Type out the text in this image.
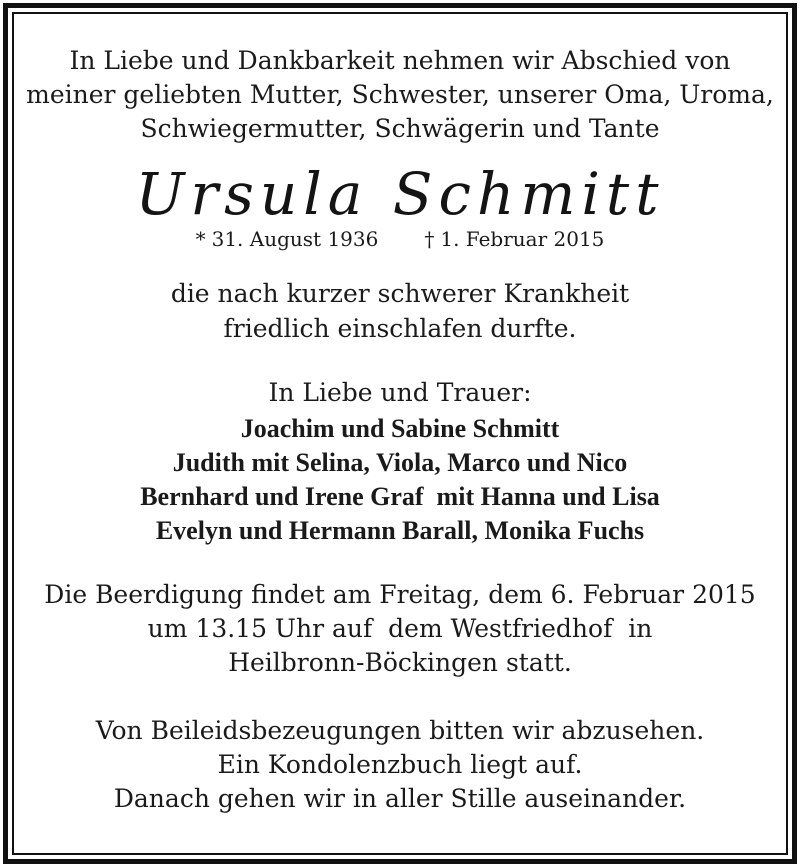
In Liebe und Dankbarkeit nehmen wir Abschied von
meiner geliebten Mutter, Schwester, unserer Oma, Uroma,
Schwiegermutter, Schwägerin und Tante
Ursula Schmitt
* 31. August 1936 † 1. Februar 2015
die nach kurzer schwerer Krankheit
friedlich einschlafen durfte.
In Liebe und Trauer:
Joachim und Sabine Schmitt
Judith mit Selina, Viola, Marco und Nico
Bernhard und Irene Graf  mit Hanna und Lisa
Evelyn und Hermann Barall, Monika Fuchs
Die Beerdigung findet am Freitag, dem 6. Februar 2015
um 13.15 Uhr auf  dem Westfriedhof  in
Heilbronn-Böckingen statt.
Von Beileidsbezeugungen bitten wir abzusehen.
Ein Kondolenzbuch liegt auf.
Danach gehen wir in aller Stille auseinander.
